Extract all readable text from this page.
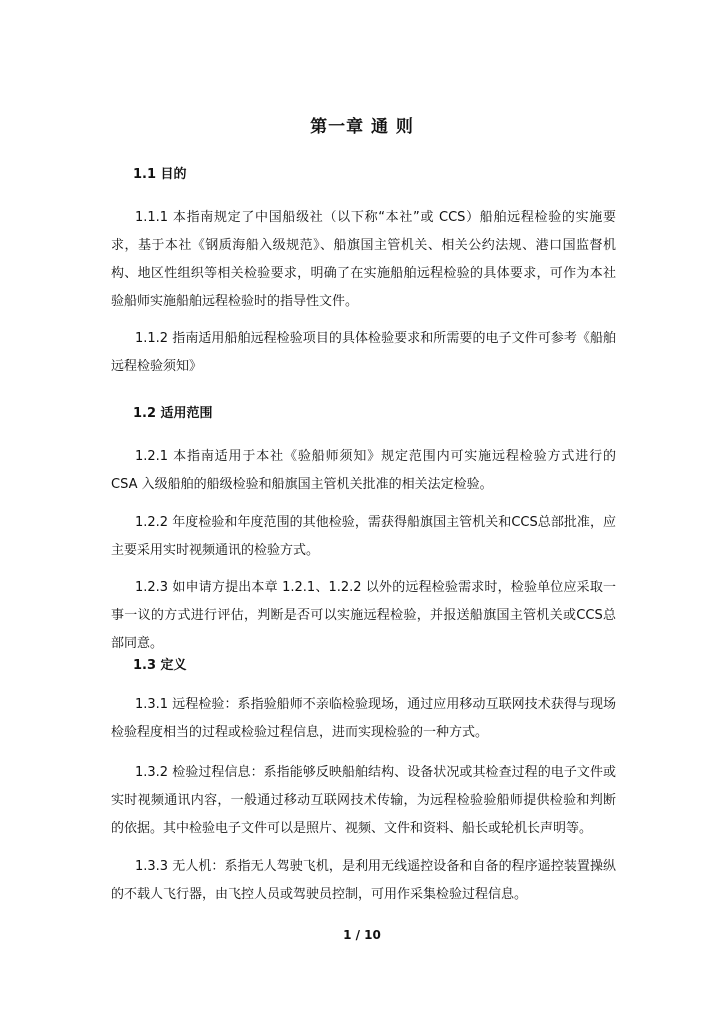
第一章 通 则
1.1 目的

1.1.1 本指南规定了中国船级社（以下称“本社”或 CCS）船舶远程检验的实施要求，基于本社《钢质海船入级规范》、船旗国主管机关、相关公约法规、港口国监督机构、地区性组织等相关检验要求，明确了在实施船舶远程检验的具体要求，可作为本社验船师实施船舶远程检验时的指导性文件。

1.1.2 指南适用船舶远程检验项目的具体检验要求和所需要的电子文件可参考《船舶远程检验须知》

1.2 适用范围

1.2.1 本指南适用于本社《验船师须知》规定范围内可实施远程检验方式进行的 CSA 入级船舶的船级检验和船旗国主管机关批准的相关法定检验。

1.2.2 年度检验和年度范围的其他检验，需获得船旗国主管机关和CCS总部批准，应主要采用实时视频通讯的检验方式。

1.2.3 如申请方提出本章 1.2.1、1.2.2 以外的远程检验需求时，检验单位应采取一事一议的方式进行评估，判断是否可以实施远程检验，并报送船旗国主管机关或CCS总部同意。

1.3 定义

1.3.1 远程检验：系指验船师不亲临检验现场，通过应用移动互联网技术获得与现场检验程度相当的过程或检验过程信息，进而实现检验的一种方式。

1.3.2 检验过程信息：系指能够反映船舶结构、设备状况或其检查过程的电子文件或实时视频通讯内容，一般通过移动互联网技术传输，为远程检验验船师提供检验和判断的依据。其中检验电子文件可以是照片、视频、文件和资料、船长或轮机长声明等。

1.3.3 无人机：系指无人驾驶飞机，是利用无线遥控设备和自备的程序遥控装置操纵的不载人飞行器，由飞控人员或驾驶员控制，可用作采集检验过程信息。

1 / 10
